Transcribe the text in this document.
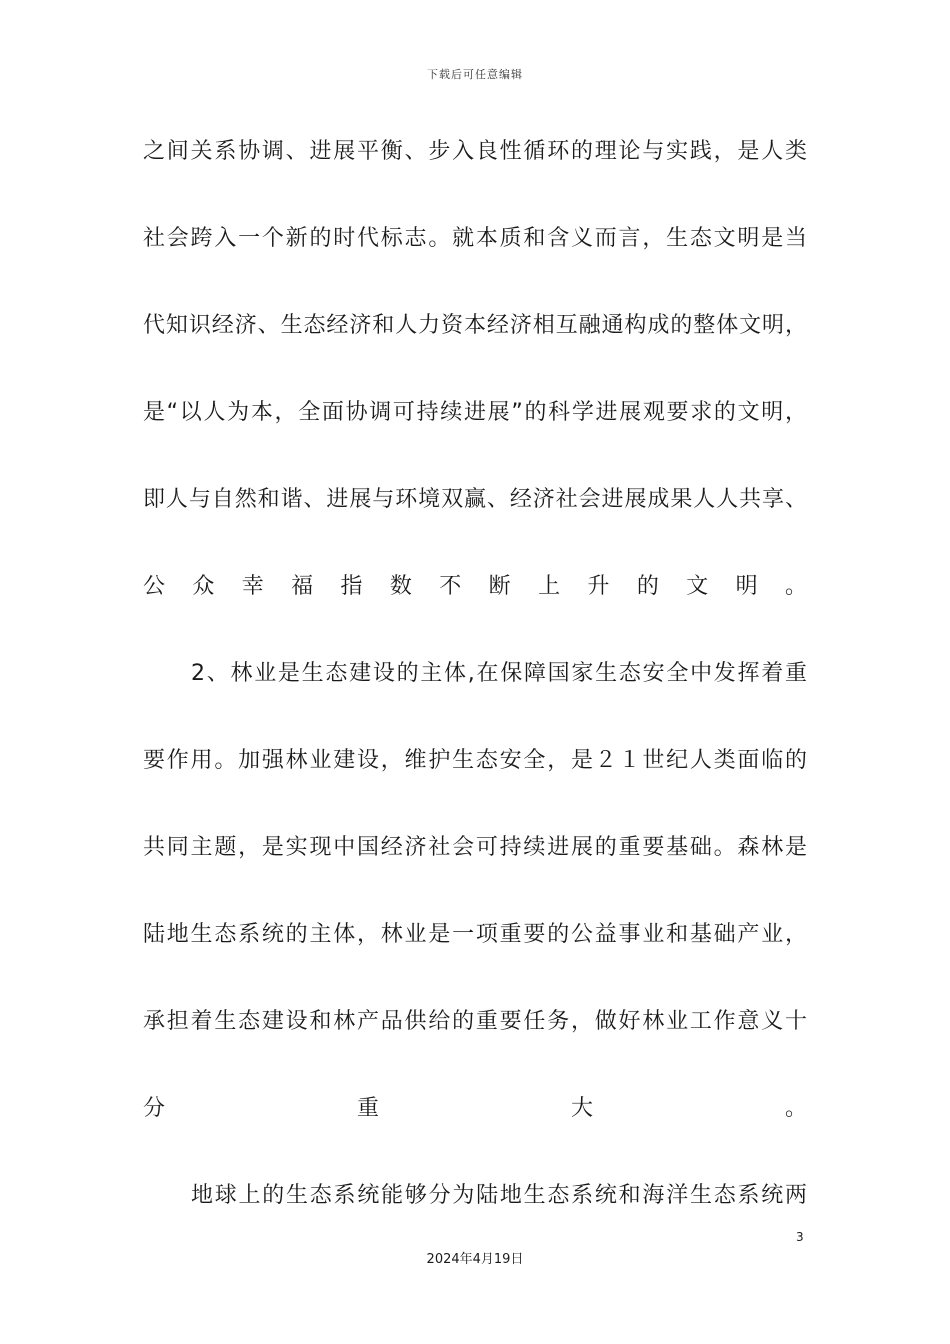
下载后可任意编辑
之间关系协调、进展平衡、步入良性循环的理论与实践，是人类
社会跨入一个新的时代标志。就本质和含义而言，生态文明是当
代知识经济、生态经济和人力资本经济相互融通构成的整体文明，
是“以人为本，全面协调可持续进展”的科学进展观要求的文明，
即人与自然和谐、进展与环境双赢、经济社会进展成果人人共享、
公众幸福指数不断上升的文明。
2、林业是生态建设的主体,在保障国家生态安全中发挥着重
要作用。加强林业建设，维护生态安全，是２１世纪人类面临的
共同主题，是实现中国经济社会可持续进展的重要基础。森林是
陆地生态系统的主体，林业是一项重要的公益事业和基础产业，
承担着生态建设和林产品供给的重要任务，做好林业工作意义十
分重大。
地球上的生态系统能够分为陆地生态系统和海洋生态系统两
3
2024年4月19日
